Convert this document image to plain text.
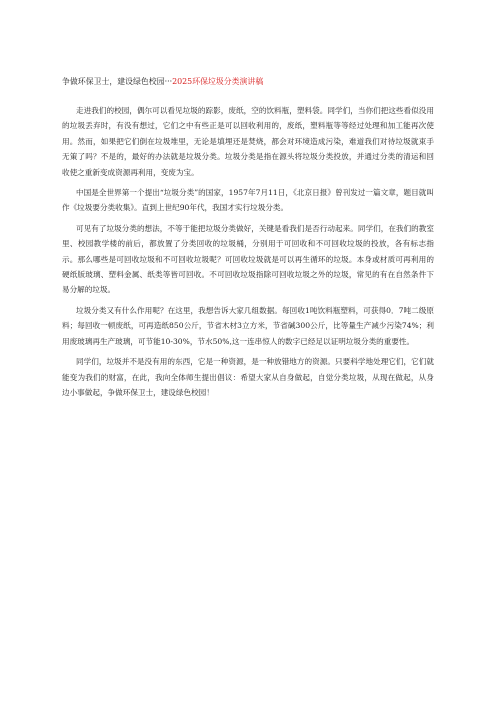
争做环保卫士，建设绿色校园···2025环保垃圾分类演讲稿

走进我们的校园，偶尔可以看见垃圾的踪影，废纸，空的饮料瓶，塑料袋。同学们，当你们把这些看似没用的垃圾丢弃时，有没有想过，它们之中有些正是可以回收利用的，废纸，塑料瓶等等经过处理和加工能再次使用。然而，如果把它们倒在垃圾堆里，无论是填埋还是焚烧，都会对环境造成污染，难道我们对待垃圾就束手无策了吗？不是的，最好的办法就是垃圾分类。垃圾分类是指在源头将垃圾分类投放，并通过分类的清运和回收使之重新变成资源再利用，变废为宝。

中国是全世界第一个提出“垃圾分类”的国家，1957年7月11日，《北京日报》曾刊发过一篇文章，题目就叫作《垃圾要分类收集》。直到上世纪90年代，我国才实行垃圾分类。

可见有了垃圾分类的想法，不等于能把垃圾分类做好，关键是看我们是否行动起来。同学们，在我们的教室里、校园教学楼的前后，都放置了分类回收的垃圾桶，分别用于可回收和不可回收垃圾的投放，各有标志指示。那么哪些是可回收垃圾和不可回收垃圾呢？可回收垃圾就是可以再生循环的垃圾。本身或材质可再利用的硬纸版玻璃、塑料金属、纸类等皆可回收。不可回收垃圾指除可回收垃圾之外的垃圾，常见的有在自然条件下易分解的垃圾。

垃圾分类又有什么作用呢？在这里，我想告诉大家几组数据。每回收1吨饮料瓶塑料，可获得0．7吨二级原料；每回收一顿废纸，可再造纸850公斤，节省木材3立方米，节省碱300公斤，比等量生产减少污染74%；利用废玻璃再生产玻璃，可节能10-30%，节水50%,这一连串惊人的数字已经足以证明垃圾分类的重要性。

同学们，垃圾并不是没有用的东西，它是一种资源，是一种放错地方的资源。只要科学地处理它们，它们就能变为我们的财富，在此，我向全体师生提出倡议：希望大家从自身做起，自觉分类垃圾，从现在做起，从身边小事做起，争做环保卫士，建设绿色校园！
